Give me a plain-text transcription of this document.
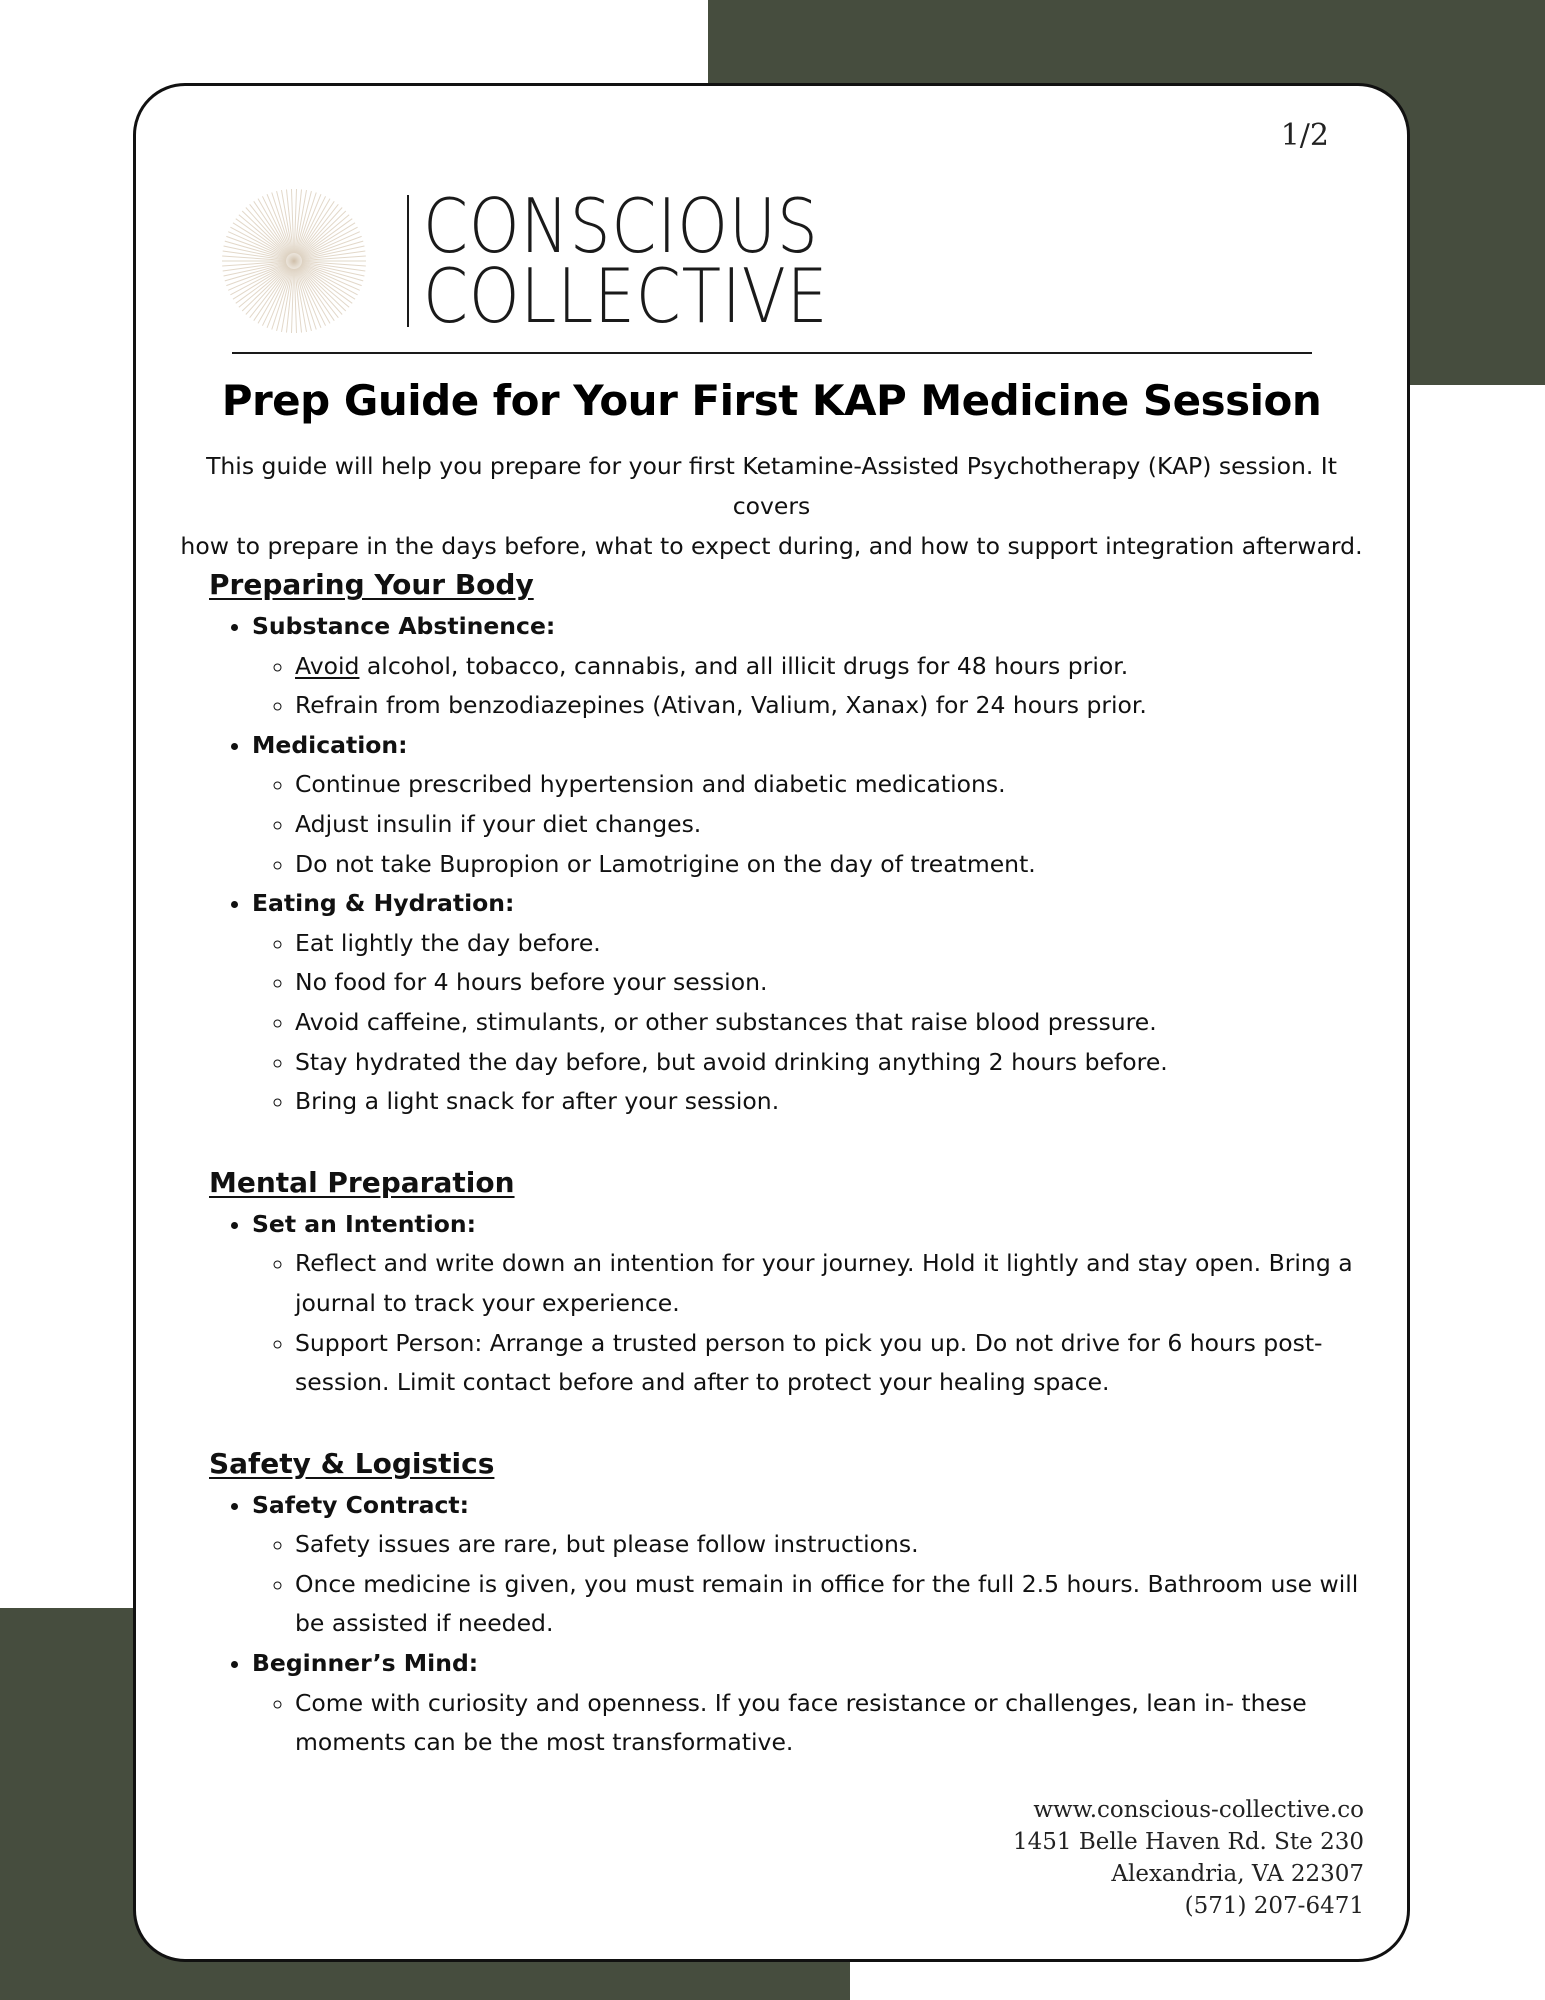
1/2
CONSCIOUS
COLLECTIVE
Prep Guide for Your First KAP Medicine Session
This guide will help you prepare for your first Ketamine-Assisted Psychotherapy (KAP) session. It covers
how to prepare in the days before, what to expect during, and how to support integration afterward.
Preparing Your Body
• Substance Abstinence:
◦ Avoid alcohol, tobacco, cannabis, and all illicit drugs for 48 hours prior.
◦ Refrain from benzodiazepines (Ativan, Valium, Xanax) for 24 hours prior.
• Medication:
◦ Continue prescribed hypertension and diabetic medications.
◦ Adjust insulin if your diet changes.
◦ Do not take Bupropion or Lamotrigine on the day of treatment.
• Eating & Hydration:
◦ Eat lightly the day before.
◦ No food for 4 hours before your session.
◦ Avoid caffeine, stimulants, or other substances that raise blood pressure.
◦ Stay hydrated the day before, but avoid drinking anything 2 hours before.
◦ Bring a light snack for after your session.
Mental Preparation
• Set an Intention:
◦ Reflect and write down an intention for your journey. Hold it lightly and stay open. Bring a journal to track your experience.
◦ Support Person: Arrange a trusted person to pick you up. Do not drive for 6 hours post-session. Limit contact before and after to protect your healing space.
Safety & Logistics
• Safety Contract:
◦ Safety issues are rare, but please follow instructions.
◦ Once medicine is given, you must remain in office for the full 2.5 hours. Bathroom use will be assisted if needed.
• Beginner’s Mind:
◦ Come with curiosity and openness. If you face resistance or challenges, lean in- these moments can be the most transformative.
www.conscious-collective.co
1451 Belle Haven Rd. Ste 230
Alexandria, VA 22307
(571) 207-6471
